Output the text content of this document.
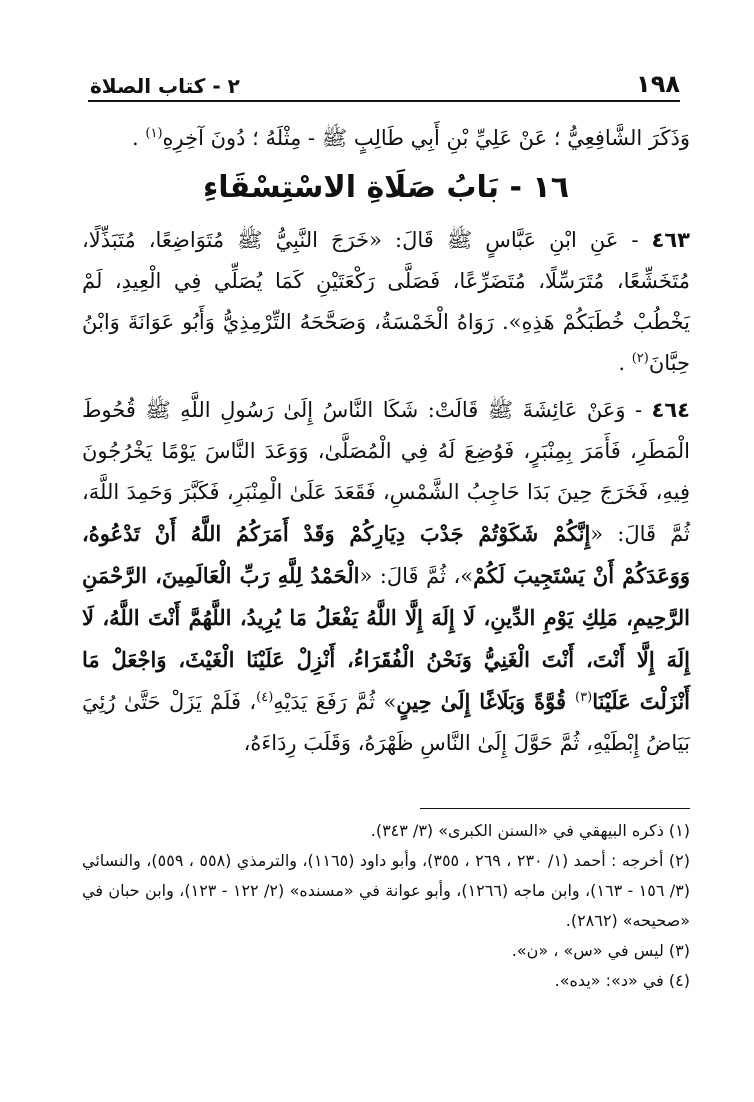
١٩٨
٢ - كتاب الصلاة

وَذَكَرَ الشَّافِعِيُّ ؛ عَنْ عَلِيِّ بْنِ أَبِي طَالِبٍ ﷺ - مِثْلَهُ ؛ دُونَ آخِرِهِ$^{(١)}$ .

١٦ - بَابُ صَلَاةِ الاسْتِسْقَاءِ

٤٦٣ - عَنِ ابْنِ عَبَّاسٍ ﷺ قَالَ: «خَرَجَ النَّبِيُّ ﷺ مُتَوَاضِعًا، مُتَبَذِّلًا، مُتَخَشِّعًا، مُتَرَسِّلًا، مُتَضَرِّعًا، فَصَلَّى رَكْعَتَيْنِ كَمَا يُصَلِّي فِي الْعِيدِ، لَمْ يَخْطُبْ خُطَبَكُمْ هَذِهِ». رَوَاهُ الْخَمْسَةُ، وَصَحَّحَهُ التِّرْمِذِيُّ وَأَبُو عَوَانَةَ وَابْنُ حِبَّانَ$^{(٢)}$ .

٤٦٤ - وَعَنْ عَائِشَةَ ﷺ قَالَتْ: شَكَا النَّاسُ إِلَىٰ رَسُولِ اللَّهِ ﷺ قُحُوطَ الْمَطَرِ، فَأَمَرَ بِمِنْبَرٍ، فَوُضِعَ لَهُ فِي الْمُصَلَّىٰ، وَوَعَدَ النَّاسَ يَوْمًا يَخْرُجُونَ فِيهِ، فَخَرَجَ حِينَ بَدَا حَاجِبُ الشَّمْسِ، فَقَعَدَ عَلَىٰ الْمِنْبَرِ، فَكَبَّرَ وَحَمِدَ اللَّهَ، ثُمَّ قَالَ: «إِنَّكُمْ شَكَوْتُمْ جَدْبَ دِيَارِكُمْ وَقَدْ أَمَرَكُمُ اللَّهُ أَنْ تَدْعُوهُ، وَوَعَدَكُمْ أَنْ يَسْتَجِيبَ لَكُمْ»، ثُمَّ قَالَ: «الْحَمْدُ لِلَّهِ رَبِّ الْعَالَمِينَ، الرَّحْمَنِ الرَّحِيمِ، مَلِكِ يَوْمِ الدِّينِ، لَا إِلَهَ إِلَّا اللَّهُ يَفْعَلُ مَا يُرِيدُ، اللَّهُمَّ أَنْتَ اللَّهُ، لَا إِلَهَ إِلَّا أَنْتَ، أَنْتَ الْغَنِيُّ وَنَحْنُ الْفُقَرَاءُ، أَنْزِلْ عَلَيْنَا الْغَيْثَ، وَاجْعَلْ مَا أَنْزَلْتَ عَلَيْنَا$^{(٣)}$ قُوَّةً وَبَلَاغًا إِلَىٰ حِينٍ» ثُمَّ رَفَعَ يَدَيْهِ$^{(٤)}$، فَلَمْ يَزَلْ حَتَّىٰ رُئِيَ بَيَاضُ إِبْطَيْهِ، ثُمَّ حَوَّلَ إِلَىٰ النَّاسِ ظَهْرَهُ، وَقَلَبَ رِدَاءَهُ،

(١) ذكره البيهقي في «السنن الكبرى» (٣/ ٣٤٣).

(٢) أخرجه : أحمد (١/ ٢٣٠ ، ٢٦٩ ، ٣٥٥)، وأبو داود (١١٦٥)، والترمذي (٥٥٨ ، ٥٥٩)، والنسائي (٣/ ١٥٦ - ١٦٣)، وابن ماجه (١٢٦٦)، وأبو عوانة في «مسنده» (٢/ ١٢٢ - ١٢٣)، وابن حبان في «صحيحه» (٢٨٦٢).

(٣) ليس في «س» ، «ن».

(٤) في «د»: «يده».
